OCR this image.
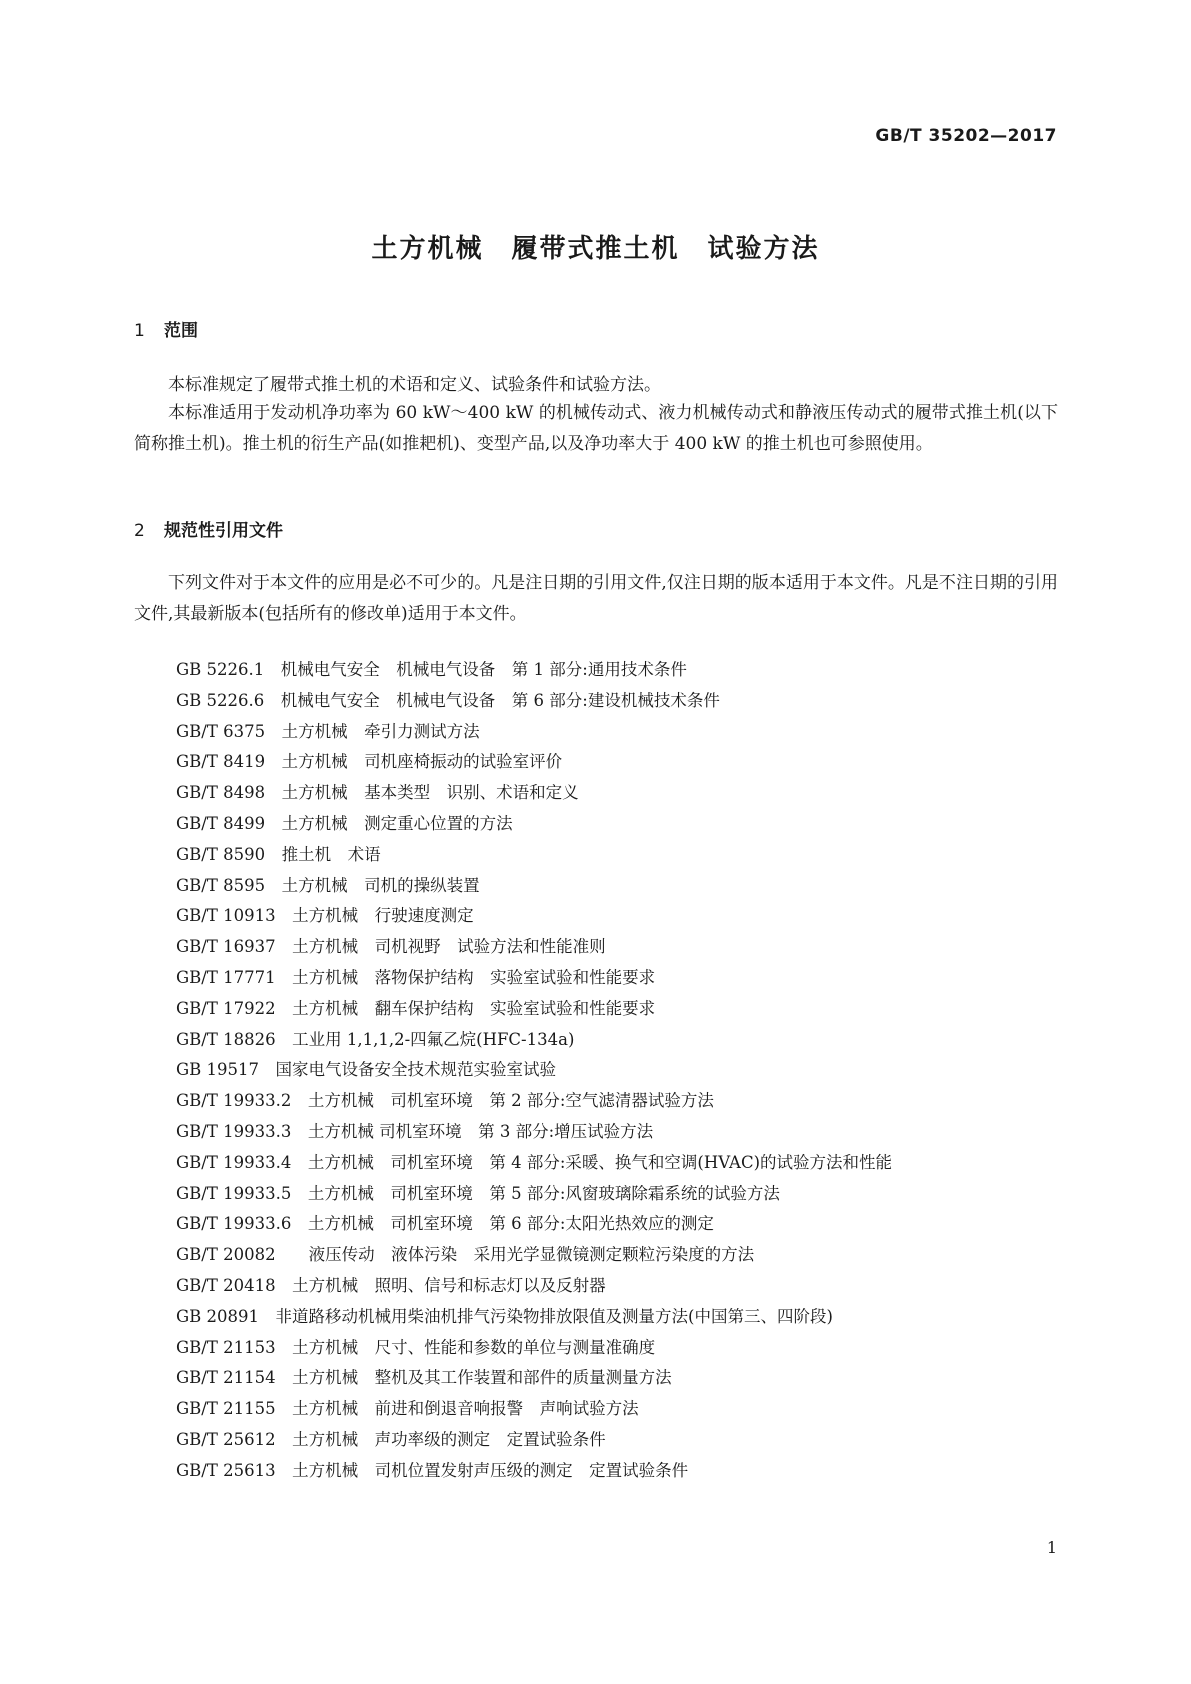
GB/T 35202—2017
土方机械　履带式推土机　试验方法
1 范围

本标准规定了履带式推土机的术语和定义、试验条件和试验方法。

本标准适用于发动机净功率为 60 kW～400 kW 的机械传动式、液力机械传动式和静液压传动式的履带式推土机(以下简称推土机)。推土机的衍生产品(如推耙机)、变型产品,以及净功率大于 400 kW 的推土机也可参照使用。

2 规范性引用文件

下列文件对于本文件的应用是必不可少的。凡是注日期的引用文件,仅注日期的版本适用于本文件。凡是不注日期的引用文件,其最新版本(包括所有的修改单)适用于本文件。

GB 5226.1　 机械电气安全　机械电气设备　第 1 部分:通用技术条件
GB 5226.6　 机械电气安全　机械电气设备　第 6 部分:建设机械技术条件
GB/T 6375　 土方机械　牵引力测试方法
GB/T 8419　 土方机械　司机座椅振动的试验室评价
GB/T 8498　 土方机械　基本类型　识别、术语和定义
GB/T 8499　 土方机械　测定重心位置的方法
GB/T 8590　 推土机　术语
GB/T 8595　 土方机械　司机的操纵装置
GB/T 10913　 土方机械　行驶速度测定
GB/T 16937　 土方机械　司机视野　试验方法和性能准则
GB/T 17771　 土方机械　落物保护结构　实验室试验和性能要求
GB/T 17922　 土方机械　翻车保护结构　实验室试验和性能要求
GB/T 18826　 工业用 1,1,1,2-四氟乙烷(HFC-134a)
GB 19517　 国家电气设备安全技术规范实验室试验
GB/T 19933.2　 土方机械　司机室环境　第 2 部分:空气滤清器试验方法
GB/T 19933.3　 土方机械 司机室环境　第 3 部分:增压试验方法
GB/T 19933.4　 土方机械　司机室环境　第 4 部分:采暖、换气和空调(HVAC)的试验方法和性能
GB/T 19933.5　 土方机械　司机室环境　第 5 部分:风窗玻璃除霜系统的试验方法
GB/T 19933.6　 土方机械　司机室环境　第 6 部分:太阳光热效应的测定
GB/T 20082　　液压传动　液体污染　采用光学显微镜测定颗粒污染度的方法
GB/T 20418　 土方机械　照明、信号和标志灯以及反射器
GB 20891　 非道路移动机械用柴油机排气污染物排放限值及测量方法(中国第三、四阶段)
GB/T 21153　 土方机械　尺寸、性能和参数的单位与测量准确度
GB/T 21154　 土方机械　整机及其工作装置和部件的质量测量方法
GB/T 21155　 土方机械　前进和倒退音响报警　声响试验方法
GB/T 25612　 土方机械　声功率级的测定　定置试验条件
GB/T 25613　 土方机械　司机位置发射声压级的测定　定置试验条件
1
